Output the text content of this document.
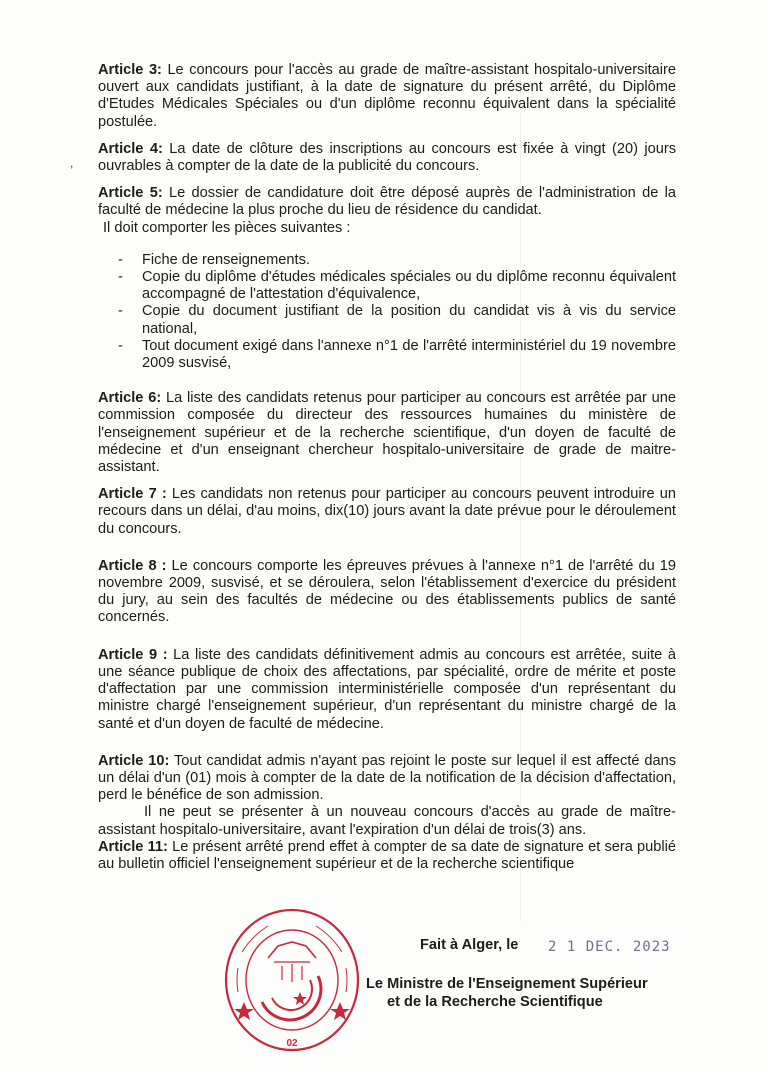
,

Article 3: Le concours pour l'accès au grade de maître-assistant hospitalo-universitaire ouvert aux candidats justifiant, à la date de signature du présent arrêté, du Diplôme d'Etudes Médicales Spéciales ou d'un diplôme reconnu équivalent dans la spécialité postulée.

Article 4: La date de clôture des inscriptions au concours est fixée à vingt (20) jours ouvrables à compter de la date de la publicité du concours.

Article 5: Le dossier de candidature doit être déposé auprès de l'administration de la faculté de médecine la plus proche du lieu de résidence du candidat.

Il doit comporter les pièces suivantes :

- Fiche de renseignements.
- Copie du diplôme d'études médicales spéciales ou du diplôme reconnu équivalent accompagné de l'attestation d'équivalence,
- Copie du document justifiant de la position du candidat vis à vis du service national,
- Tout document exigé dans l'annexe n°1 de l'arrêté interministériel du 19 novembre 2009 susvisé,

Article 6: La liste des candidats retenus pour participer au concours est arrêtée par une commission composée du directeur des ressources humaines du ministère de l'enseignement supérieur et de la recherche scientifique, d'un doyen de faculté de médecine et d'un enseignant chercheur hospitalo-universitaire de grade de maitre-assistant.

Article 7 : Les candidats non retenus pour participer au concours peuvent introduire un recours dans un délai, d'au moins, dix(10) jours avant la date prévue pour le déroulement du concours.

Article 8 : Le concours comporte les épreuves prévues à l'annexe n°1 de l'arrêté du 19 novembre 2009, susvisé, et se déroulera, selon l'établissement d'exercice du président du jury, au sein des facultés de médecine ou des établissements publics de santé concernés.

Article 9 : La liste des candidats définitivement admis au concours est arrêtée, suite à une séance publique de choix des affectations, par spécialité, ordre de mérite et poste d'affectation par une commission interministérielle composée d'un représentant du ministre chargé l'enseignement supérieur, d'un représentant du ministre chargé de la santé et d'un doyen de faculté de médecine.

Article 10: Tout candidat admis n'ayant pas rejoint le poste sur lequel il est affecté dans un délai d'un (01) mois à compter de la date de la notification de la décision d'affectation, perd le bénéfice de son admission.

Il ne peut se présenter à un nouveau concours d'accès au grade de maître-assistant hospitalo-universitaire, avant l'expiration d'un délai de trois(3) ans.

Article 11: Le présent arrêté prend effet à compter de sa date de signature et sera publié au bulletin officiel l'enseignement supérieur et de la recherche scientifique

02
Fait à Alger, le 2 1 DEC. 2023
Le Ministre de l'Enseignement Supérieur
et de la Recherche Scientifique
